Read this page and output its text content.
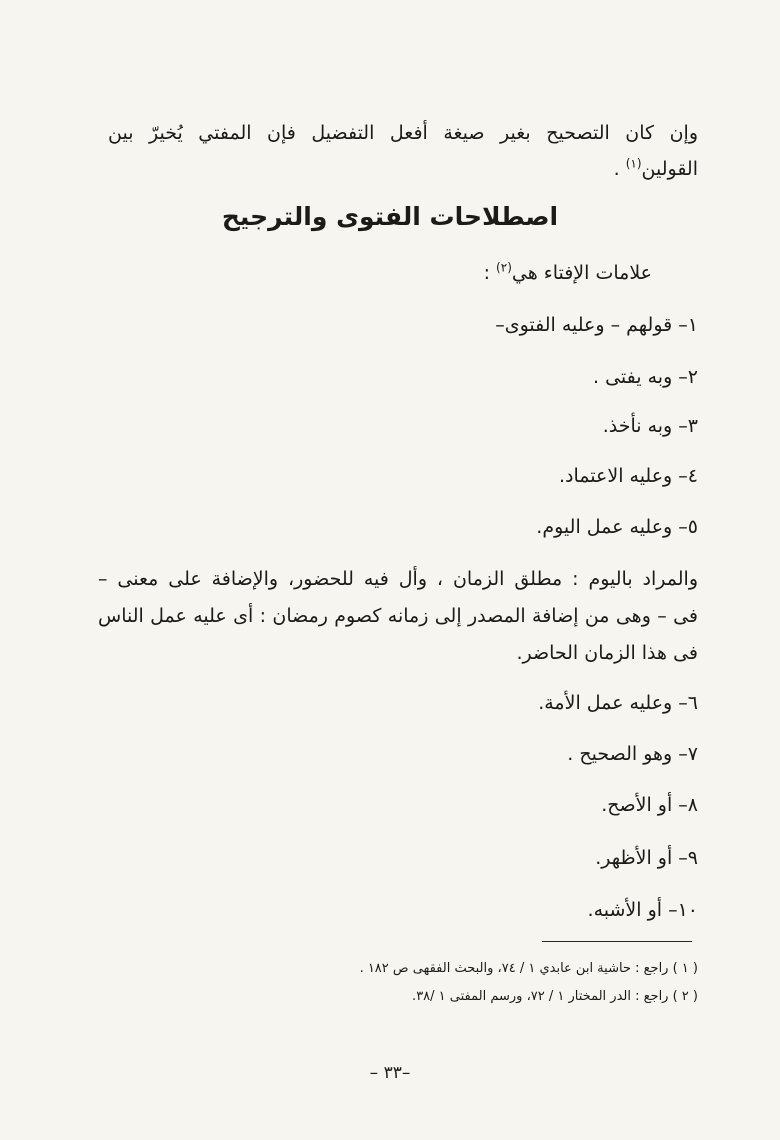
وإن كان التصحيح بغير صيغة أفعل التفضيل فإن المفتي يُخيرّ بين
القولين$^{(١)}$ .
اصطلاحات الفتوى والترجيح
علامات الإفتاء هي$^{(٢)}$ :
١– قولهم – وعليه الفتوى–
٢– وبه يفتى .
٣– وبه نأخذ.
٤– وعليه الاعتماد.
٥– وعليه عمل اليوم.
والمراد باليوم : مطلق الزمان ، وأل فيه للحضور، والإضافة على معنى –
فى – وهى من إضافة المصدر إلى زمانه كصوم رمضان : أى عليه عمل الناس
فى هذا الزمان الحاضر.
٦– وعليه عمل الأمة.
٧– وهو الصحيح .
٨– أو الأصح.
٩– أو الأظهر.
١٠– أو الأشبه.
( ١ ) راجع : حاشية ابن عابدي ١ / ٧٤، والبحث الفقهى ص ١٨٢ .
( ٢ ) راجع : الدر المختار ١ / ٧٢، ورسم المفتى ١ /٣٨.
–٣٣ –
